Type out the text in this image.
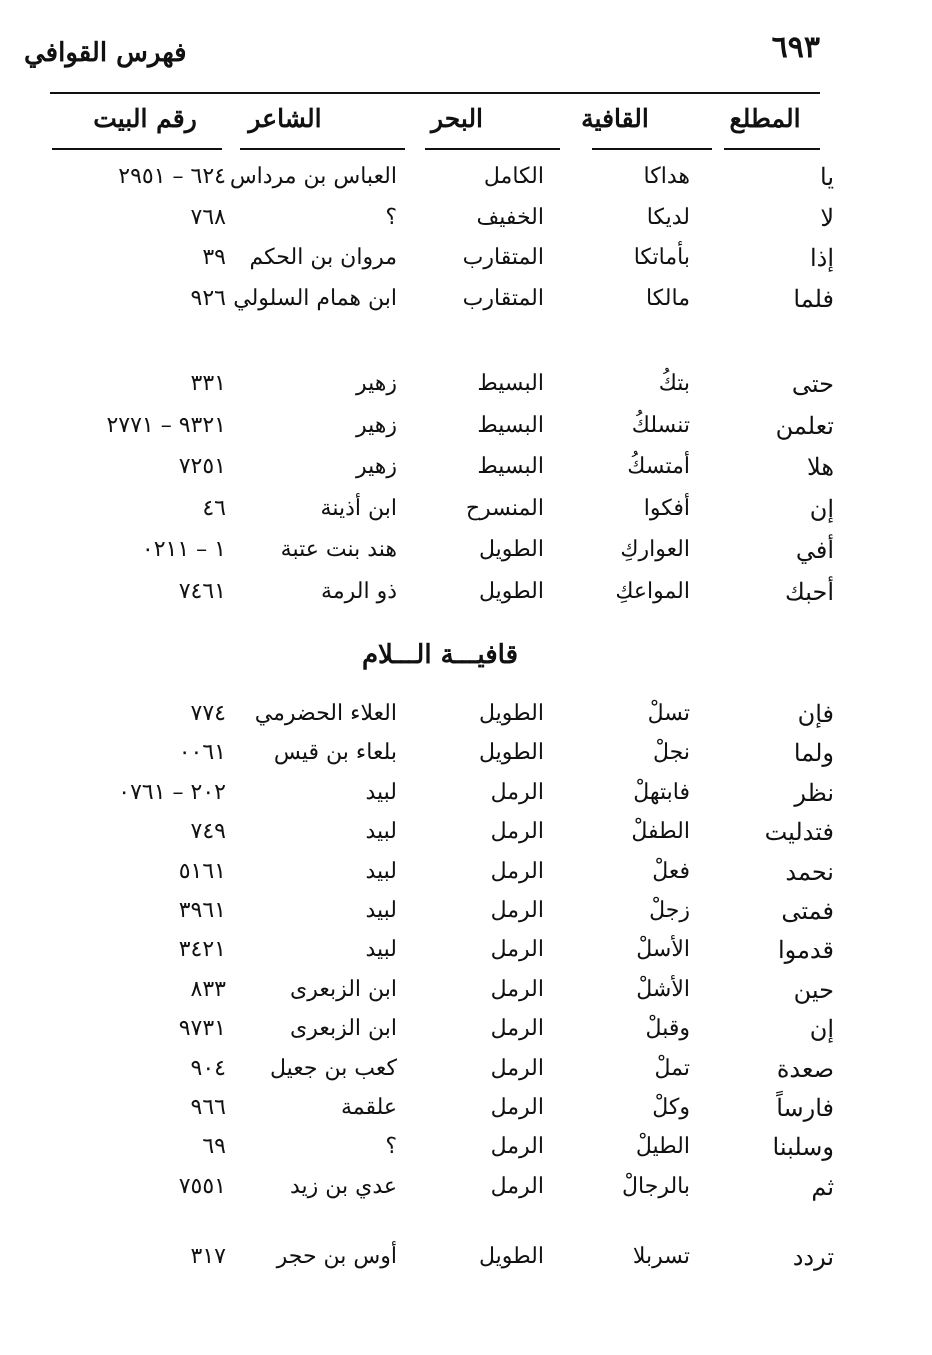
٣٩٦
فهرس القوافي
المطلع
القافية
البحر
الشاعر
رقم البيت
يا
هداكا
الكامل
العباس بن مرداس
٤٢٦ – ١٥٩٢
لا
لديكا
الخفيف
؟
٨٦٧
إذا
بأماتكا
المتقارب
مروان بن الحكم
٩٣
فلما
مالكا
المتقارب
ابن همام السلولي
٦٢٩
حتى
بتكُ
البسيط
زهير
١٣٣
تعلمن
تنسلكُ
البسيط
زهير
١٢٣٩ – ١٧٧٢
هلا
أمتسكُ
البسيط
زهير
١٥٢٧
إن
أفكوا
المنسرح
ابن أذينة
٦٤
أفي
العواركِ
الطويل
هند بنت عتبة
١ – ١١٢٠
أحبك
المواعكِ
الطويل
ذو الرمة
١٦٤٧
فإن
تسلْ
الطويل
العلاء الحضرمي
٤٧٧
ولما
نجلْ
الطويل
بلعاء بن قيس
١٦٠٠
نظر
فابتهلْ
الرمل
لبيد
٢٠٢ – ١٦٧٠
فتدليت
الطفلْ
الرمل
لبيد
٩٤٧
نحمد
فعلْ
الرمل
لبيد
١٦١٥
فمتى
زجلْ
الرمل
لبيد
١٦٩٣
قدموا
الأسلْ
الرمل
لبيد
١٢٤٣
حين
الأشلْ
الرمل
ابن الزبعرى
٣٣٨
إن
وقبلْ
الرمل
ابن الزبعرى
١٣٧٩
صعدة
تملْ
الرمل
كعب بن جعيل
٤٠٩
فارساً
وكلْ
الرمل
علقمة
٦٦٩
وسلبنا
الطيلْ
الرمل
؟
٩٦
ثم
بالرجالْ
الرمل
عدي بن زيد
١٥٥٧
تردد
تسربلا
الطويل
أوس بن حجر
٧١٣
قافيـــة الـــلام
